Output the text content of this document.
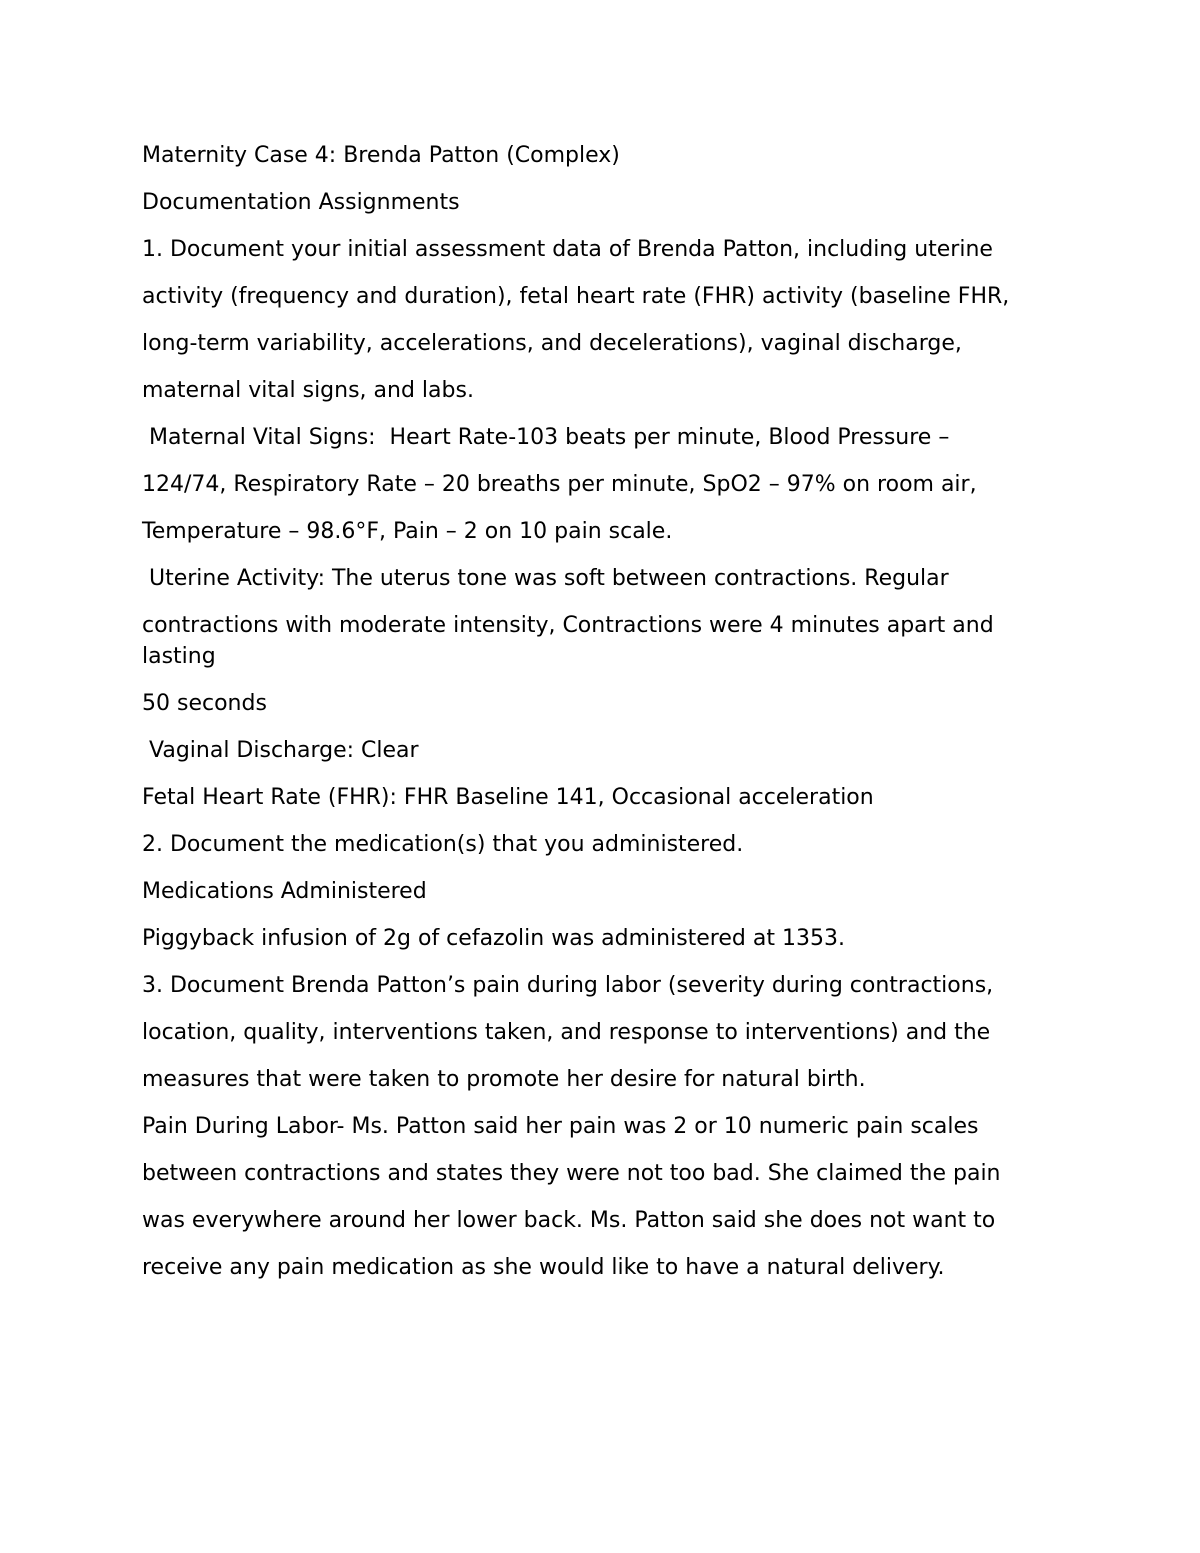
Maternity Case 4: Brenda Patton (Complex)

Documentation Assignments

1. Document your initial assessment data of Brenda Patton, including uterine

activity (frequency and duration), fetal heart rate (FHR) activity (baseline FHR,

long-term variability, accelerations, and decelerations), vaginal discharge,

maternal vital signs, and labs.

Maternal Vital Signs:  Heart Rate-103 beats per minute, Blood Pressure –

124/74, Respiratory Rate – 20 breaths per minute, SpO2 – 97% on room air,

Temperature – 98.6°F, Pain – 2 on 10 pain scale.

Uterine Activity: The uterus tone was soft between contractions. Regular

contractions with moderate intensity, Contractions were 4 minutes apart and lasting

50 seconds

Vaginal Discharge: Clear

Fetal Heart Rate (FHR): FHR Baseline 141, Occasional acceleration

2. Document the medication(s) that you administered.

Medications Administered

Piggyback infusion of 2g of cefazolin was administered at 1353.

3. Document Brenda Patton’s pain during labor (severity during contractions,

location, quality, interventions taken, and response to interventions) and the

measures that were taken to promote her desire for natural birth.

Pain During Labor- Ms. Patton said her pain was 2 or 10 numeric pain scales

between contractions and states they were not too bad. She claimed the pain

was everywhere around her lower back. Ms. Patton said she does not want to

receive any pain medication as she would like to have a natural delivery.
